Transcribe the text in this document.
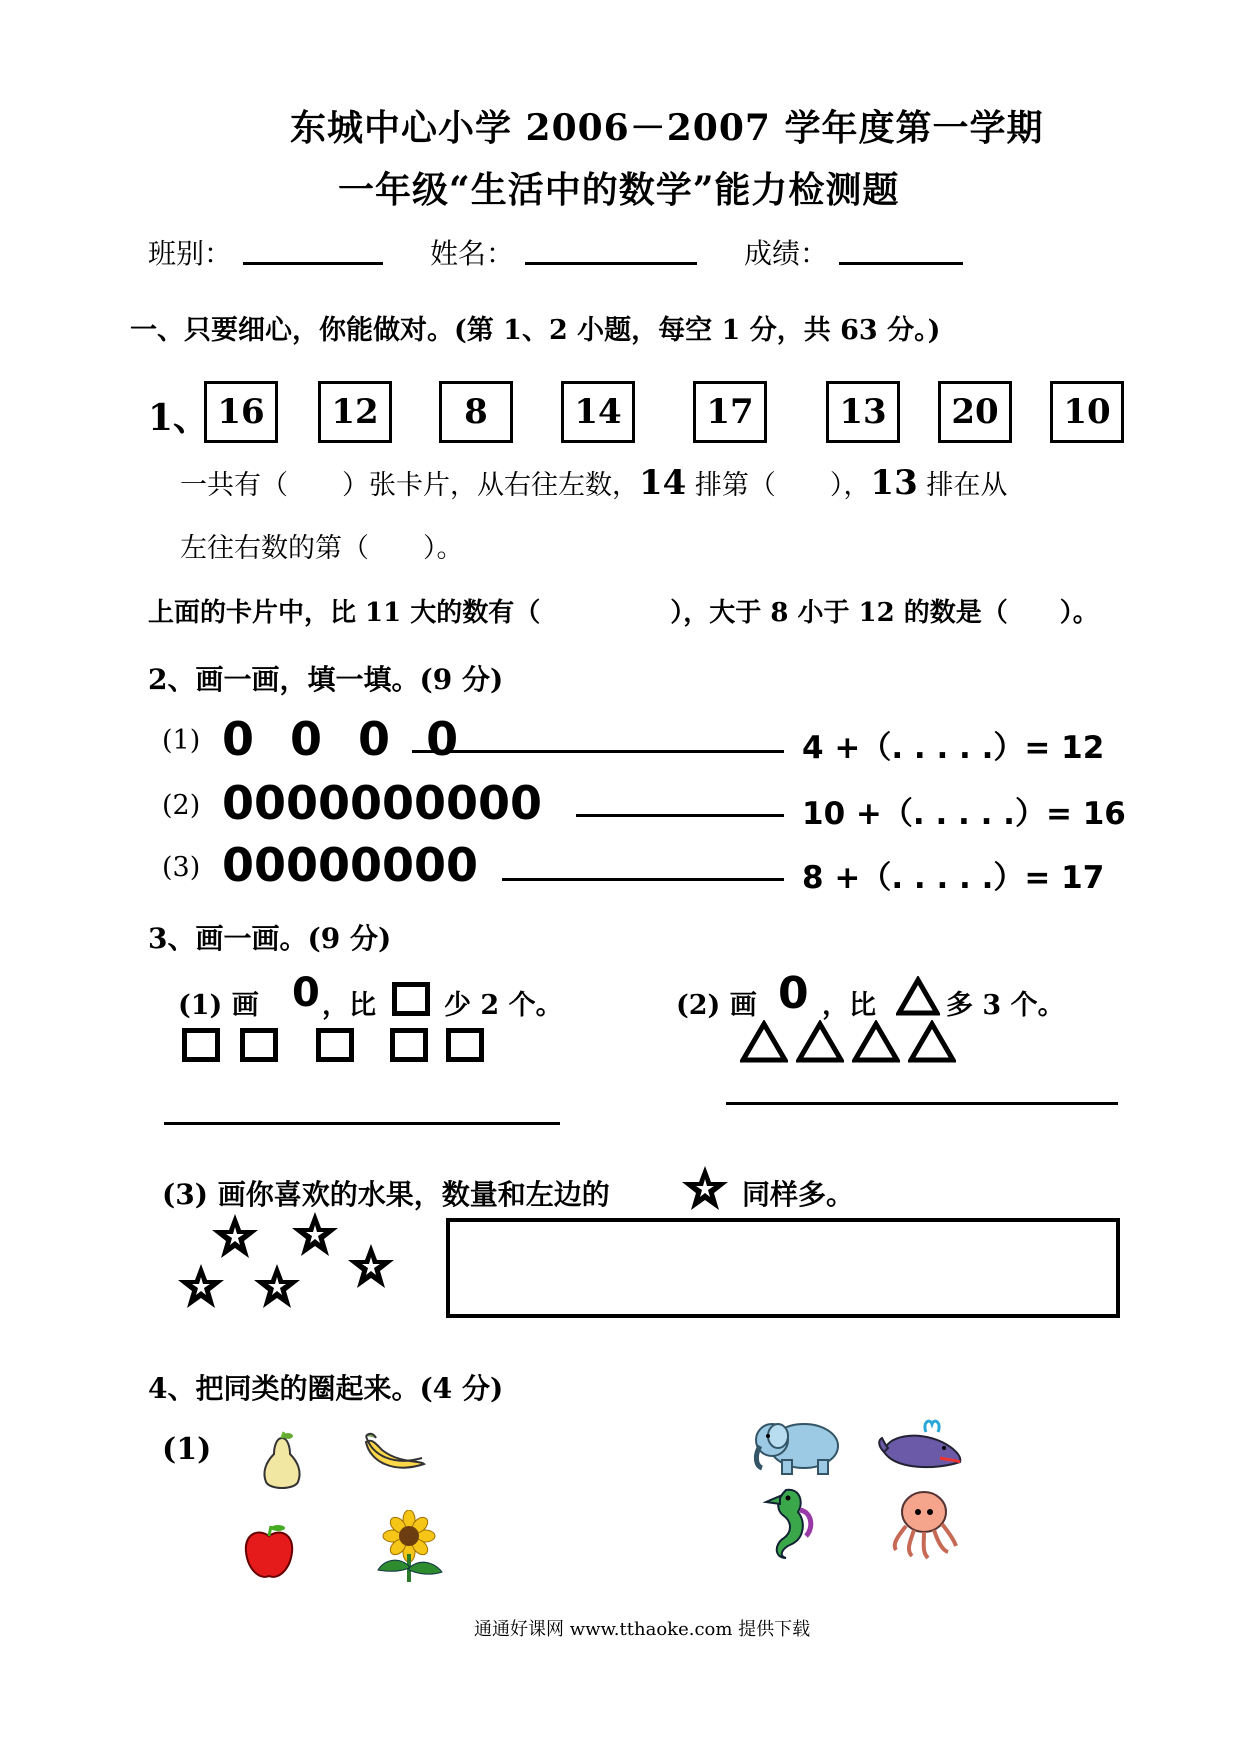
东城中心小学 2006－2007 学年度第一学期
一年级“生活中的数学”能力检测题
班别：	姓名：	成绩：
一、只要细心，你能做对。(第 1、2 小题，每空 1 分，共 63 分。)
1、 16	12	8	14	17	13	20	10
一共有（　　）张卡片，从右往左数，14 排第（　　），13 排在从
左往右数的第（　　）。
上面的卡片中，比 11 大的数有（　　　　　），大于 8 小于 12 的数是（　　）。
2、画一画，填一填。(9 分)
(1) 0 0 0 0	4 +（. . . . .）= 12
(2) 0000000000	10 +（. . . . .）= 16
(3) 00000000	8 +（. . . . .）= 17
3、画一画。(9 分)
(1) 画 0 ，比	少 2 个。	(2) 画 0 ，比	多 3 个。
(3) 画你喜欢的水果，数量和左边的	同样多。
4、把同类的圈起来。(4 分)
(1)
通通好课网 www.tthaoke.com 提供下载
